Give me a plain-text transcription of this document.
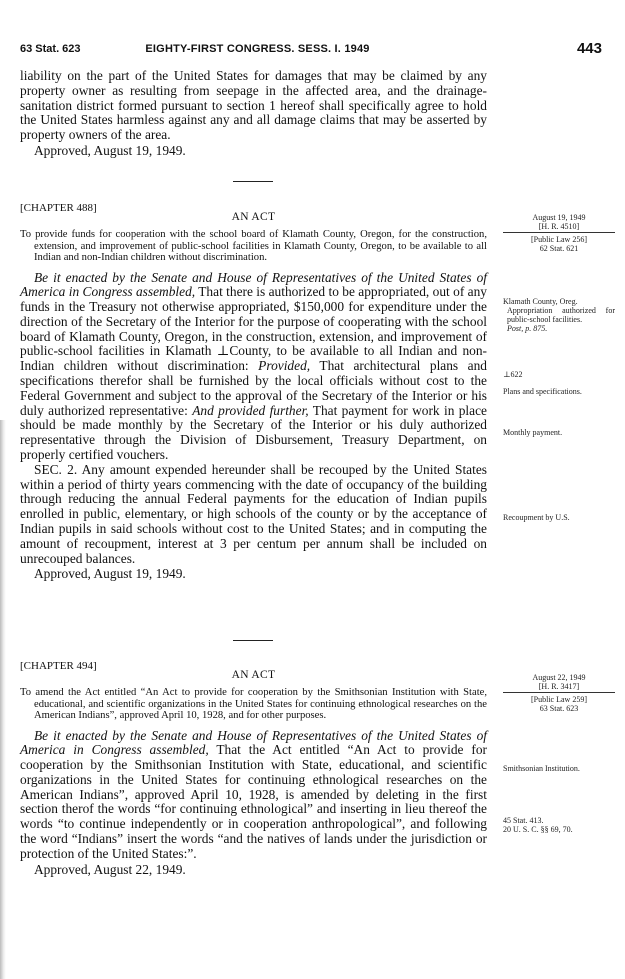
63 Stat. 623	EIGHTY-FIRST CONGRESS. SESS. I. 1949	443

liability on the part of the United States for damages that may be claimed by any property owner as resulting from seepage in the affected area, and the drainage-sanitation district formed pursuant to section 1 hereof shall specifically agree to hold the United States harmless against any and all damage claims that may be asserted by property owners of the area.

Approved, August 19, 1949.

[CHAPTER 488]
AN ACT

To provide funds for cooperation with the school board of Klamath County, Oregon, for the construction, extension, and improvement of public-school facilities in Klamath County, Oregon, to be available to all Indian and non-Indian children without discrimination.

Be it enacted by the Senate and House of Representatives of the United States of America in Congress assembled, That there is authorized to be appropriated, out of any funds in the Treasury not otherwise appropriated, $150,000 for expenditure under the direction of the Secretary of the Interior for the purpose of cooperating with the school board of Klamath County, Oregon, in the construction, extension, and improvement of public-school facilities in Klamath ⊥County, to be available to all Indian and non-Indian children without discrimination: Provided, That architectural plans and specifications therefor shall be furnished by the local officials without cost to the Federal Government and subject to the approval of the Secretary of the Interior or his duly authorized representative: And provided further, That payment for work in place should be made monthly by the Secretary of the Interior or his duly authorized representative through the Division of Disbursement, Treasury Department, on properly certified vouchers.

SEC. 2. Any amount expended hereunder shall be recouped by the United States within a period of thirty years commencing with the date of occupancy of the building through reducing the annual Federal payments for the education of Indian pupils enrolled in public, elementary, or high schools of the county or by the acceptance of Indian pupils in said schools without cost to the United States; and in computing the amount of recoupment, interest at 3 per centum per annum shall be included on unrecouped balances.

Approved, August 19, 1949.

[CHAPTER 494]
AN ACT

To amend the Act entitled “An Act to provide for cooperation by the Smithsonian Institution with State, educational, and scientific organizations in the United States for continuing ethnological researches on the American Indians”, approved April 10, 1928, and for other purposes.

Be it enacted by the Senate and House of Representatives of the United States of America in Congress assembled, That the Act entitled “An Act to provide for cooperation by the Smithsonian Institution with State, educational, and scientific organizations in the United States for continuing ethnological researches on the American Indians”, approved April 10, 1928, is amended by deleting in the first section therof the words “for continuing ethnological” and inserting in lieu thereof the words “to continue independently or in cooperation anthropological”, and following the word “Indians” insert the words “and the natives of lands under the jurisdiction or protection of the United States:”.

Approved, August 22, 1949.

August 19, 1949
[H. R. 4510]
[Public Law 256]
62 Stat. 621
Klamath County, Oreg.
Appropriation authorized for public-school facilities.
Post, p. 875.
⊥622
Plans and specifications.
Monthly payment.
Recoupment by U.S.
August 22, 1949
[H. R. 3417]
[Public Law 259]
63 Stat. 623
Smithsonian Institution.
45 Stat. 413.
20 U. S. C. §§ 69, 70.
